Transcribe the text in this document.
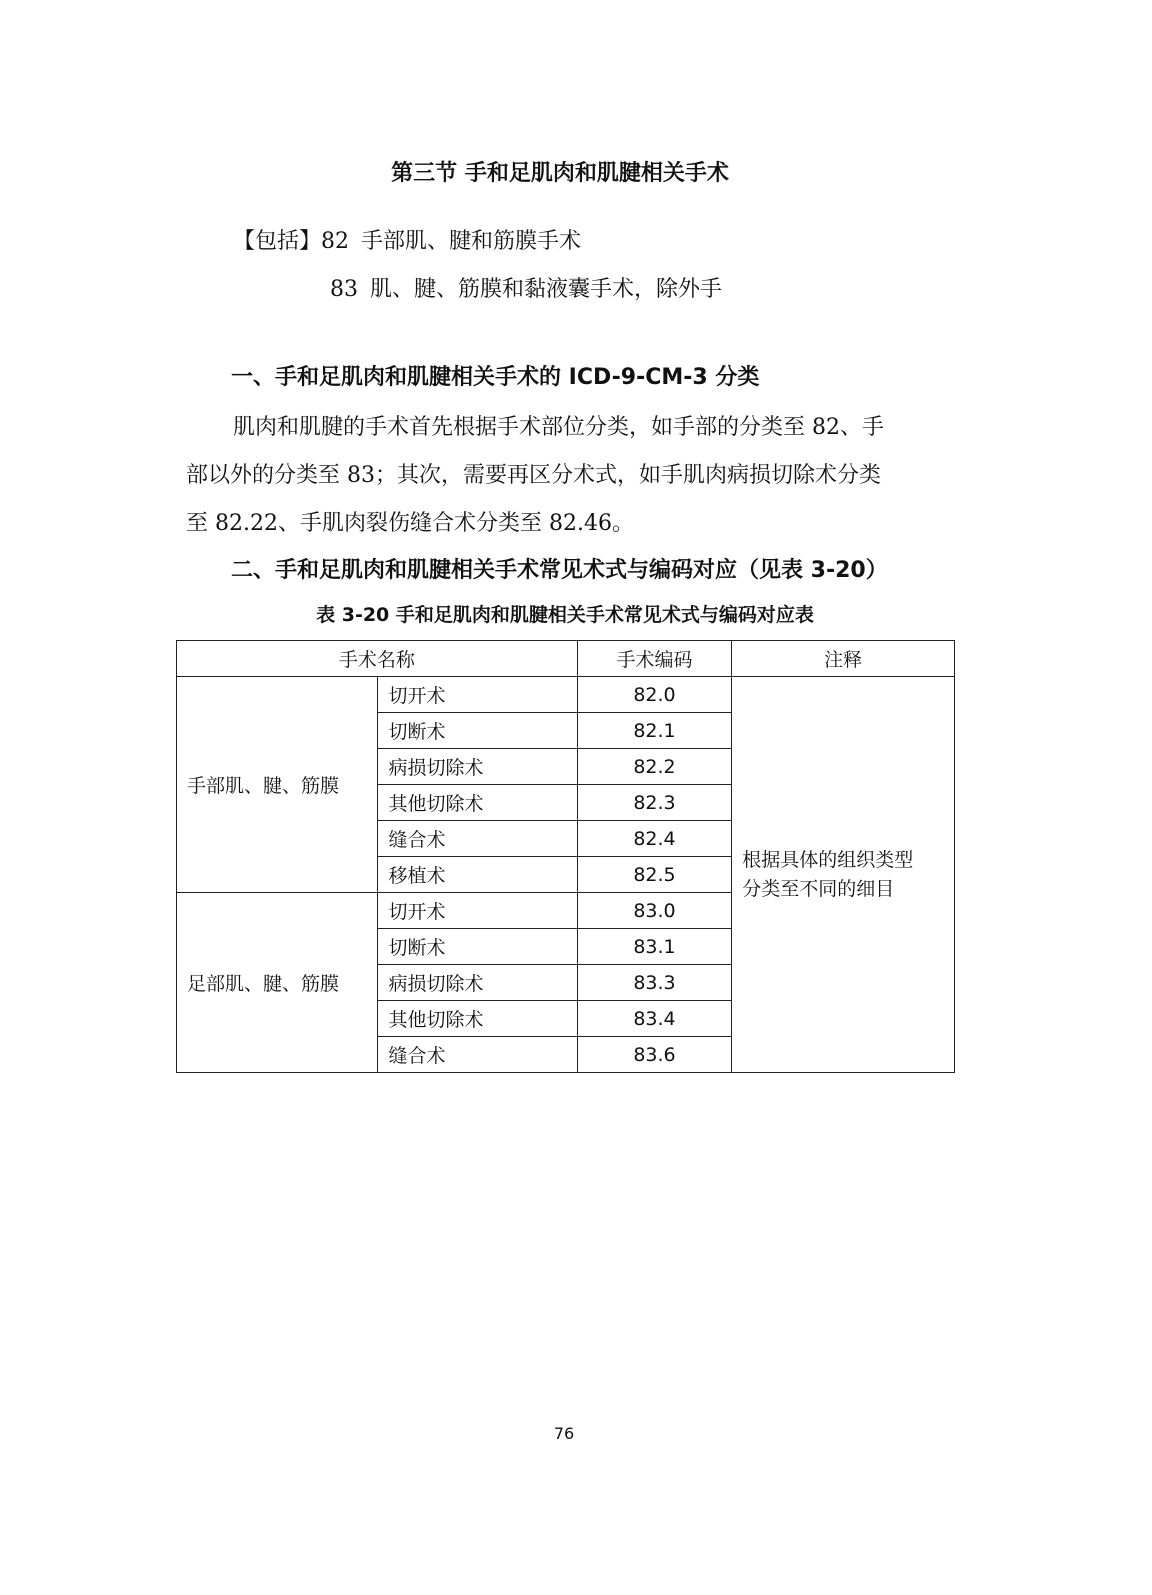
第三节 手和足肌肉和肌腱相关手术
【包括】82 手部肌、腱和筋膜手术
83 肌、腱、筋膜和黏液囊手术，除外手
一、手和足肌肉和肌腱相关手术的 ICD-9-CM-3 分类
肌肉和肌腱的手术首先根据手术部位分类，如手部的分类至 82、手
部以外的分类至 83；其次，需要再区分术式，如手肌肉病损切除术分类
至 82.22、手肌肉裂伤缝合术分类至 82.46。
二、手和足肌肉和肌腱相关手术常见术式与编码对应（见表 3-20）
表 3-20 手和足肌肉和肌腱相关手术常见术式与编码对应表
手术名称		手术编码	注释
手部肌、腱、筋膜	切开术	82.0	根据具体的组织类型
分类至不同的细目
	切断术	82.1	
	病损切除术	82.2	
	其他切除术	82.3	
	缝合术	82.4	
	移植术	82.5	
足部肌、腱、筋膜	切开术	83.0	
	切断术	83.1	
	病损切除术	83.3	
	其他切除术	83.4	
	缝合术	83.6	
76
